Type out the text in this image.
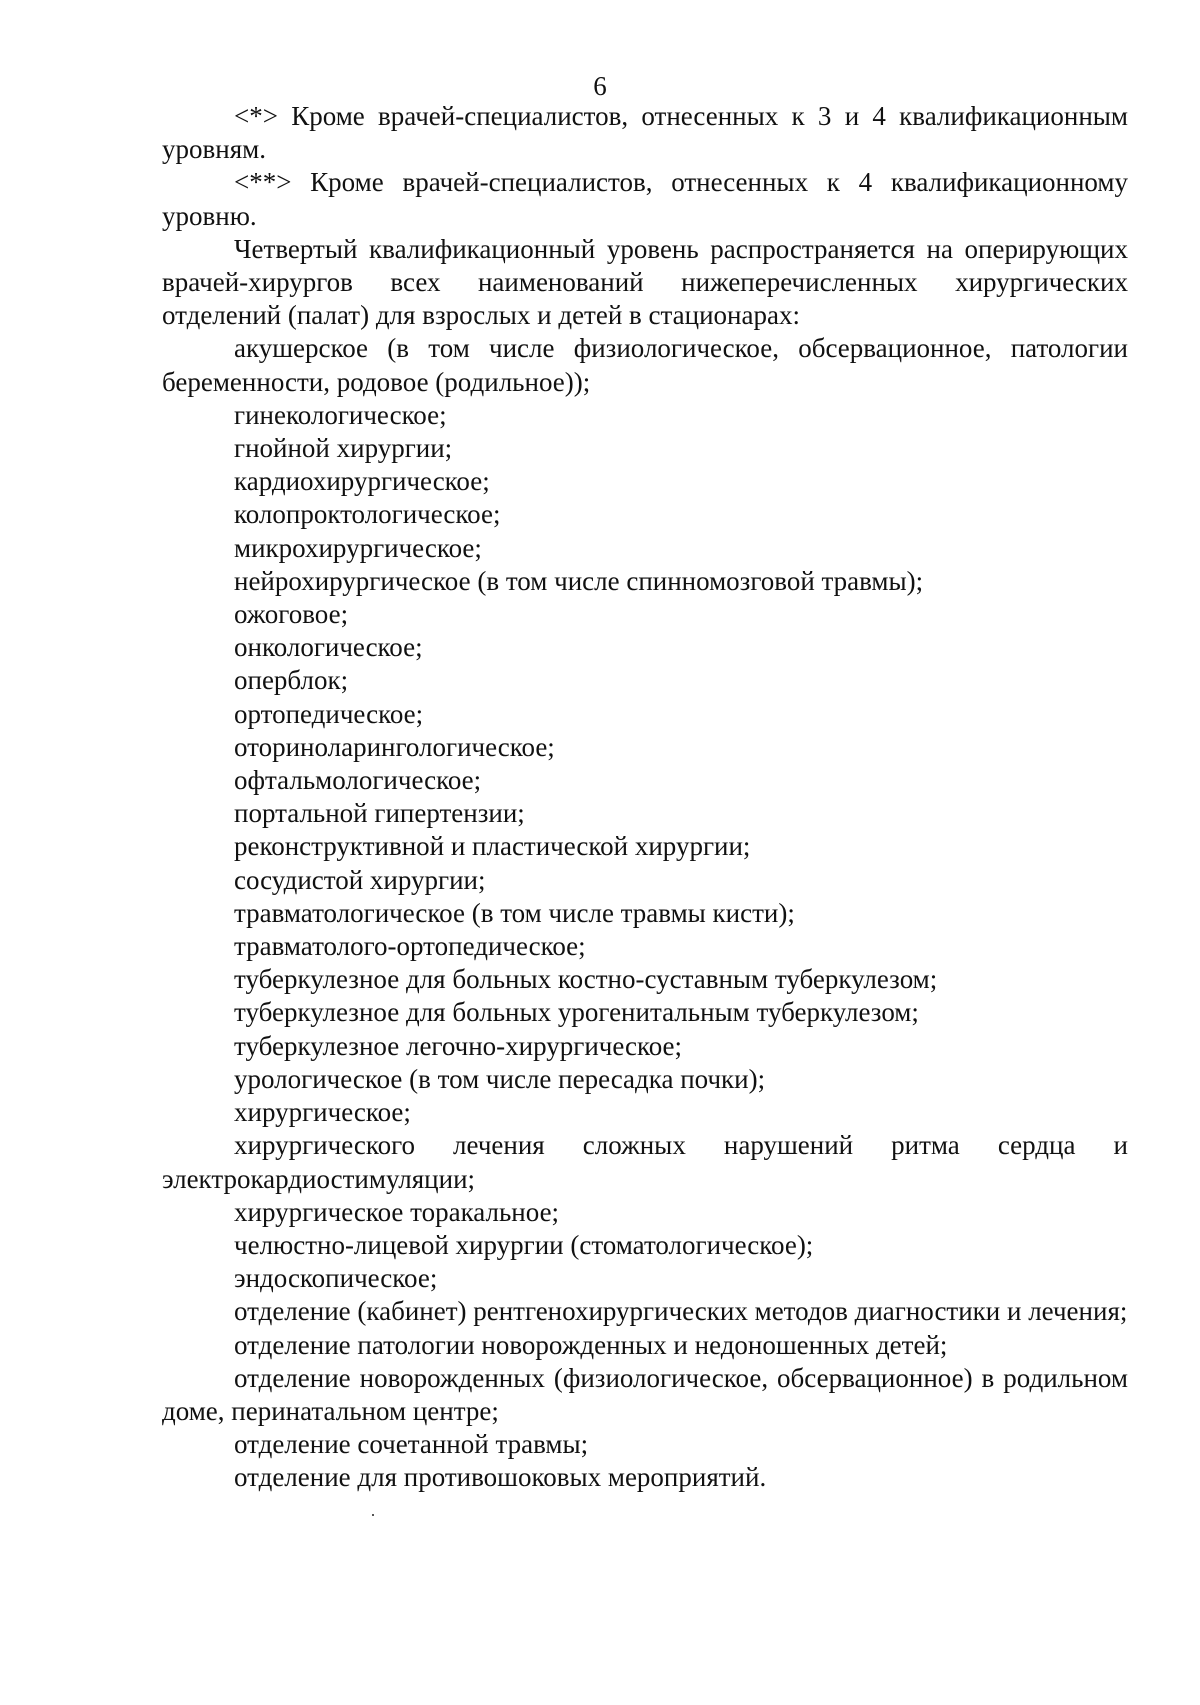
6

<*> Кроме врачей-специалистов, отнесенных к 3 и 4 квалификационным уровням.

<**> Кроме врачей-специалистов, отнесенных к 4 квалификационному уровню.

Четвертый квалификационный уровень распространяется на оперирующих врачей-хирургов всех наименований нижеперечисленных хирургических отделений (палат) для взрослых и детей в стационарах:

акушерское (в том числе физиологическое, обсервационное, патологии беременности, родовое (родильное));

гинекологическое;

гнойной хирургии;

кардиохирургическое;

колопроктологическое;

микрохирургическое;

нейрохирургическое (в том числе спинномозговой травмы);

ожоговое;

онкологическое;

оперблок;

ортопедическое;

оториноларингологическое;

офтальмологическое;

портальной гипертензии;

реконструктивной и пластической хирургии;

сосудистой хирургии;

травматологическое (в том числе травмы кисти);

травматолого-ортопедическое;

туберкулезное для больных костно-суставным туберкулезом;

туберкулезное для больных урогенитальным туберкулезом;

туберкулезное легочно-хирургическое;

урологическое (в том числе пересадка почки);

хирургическое;

хирургического лечения сложных нарушений ритма сердца и электрокардиостимуляции;

хирургическое торакальное;

челюстно-лицевой хирургии (стоматологическое);

эндоскопическое;

отделение (кабинет) рентгенохирургических методов диагностики и лечения;

отделение патологии новорожденных и недоношенных детей;

отделение новорожденных (физиологическое, обсервационное) в родильном доме, перинатальном центре;

отделение сочетанной травмы;

отделение для противошоковых мероприятий.
